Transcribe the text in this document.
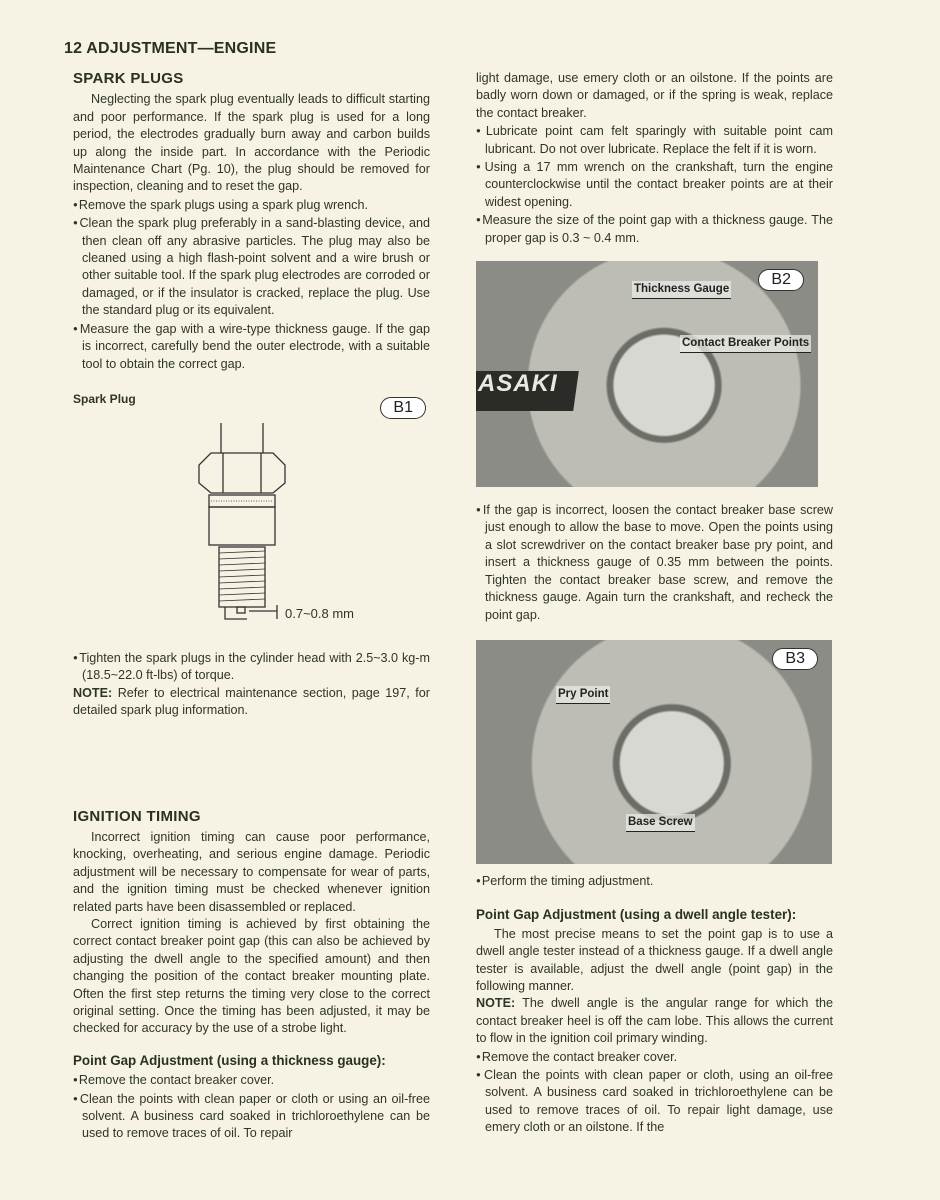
12 ADJUSTMENT—ENGINE
SPARK PLUGS

Neglecting the spark plug eventually leads to difficult starting and poor performance. If the spark plug is used for a long period, the electrodes gradually burn away and carbon builds up along the inside part. In accordance with the Periodic Maintenance Chart (Pg. 10), the plug should be removed for inspection, cleaning and to reset the gap.

● Remove the spark plugs using a spark plug wrench.

● Clean the spark plug preferably in a sand-blasting device, and then clean off any abrasive particles. The plug may also be cleaned using a high flash-point solvent and a wire brush or other suitable tool. If the spark plug electrodes are corroded or damaged, or if the insulator is cracked, replace the plug. Use the standard plug or its equivalent.

● Measure the gap with a wire-type thickness gauge. If the gap is incorrect, carefully bend the outer electrode, with a suitable tool to obtain the correct gap.

Spark Plug	B1
0.7~0.8 mm

● Tighten the spark plugs in the cylinder head with 2.5~3.0 kg-m (18.5~22.0 ft-lbs) of torque.

NOTE: Refer to electrical maintenance section, page 197, for detailed spark plug information.

IGNITION TIMING

Incorrect ignition timing can cause poor performance, knocking, overheating, and serious engine damage. Periodic adjustment will be necessary to compensate for wear of parts, and the ignition timing must be checked whenever ignition related parts have been disassembled or replaced.

Correct ignition timing is achieved by first obtaining the correct contact breaker point gap (this can also be achieved by adjusting the dwell angle to the specified amount) and then changing the position of the contact breaker mounting plate. Often the first step returns the timing very close to the correct original setting. Once the timing has been adjusted, it may be checked for accuracy by the use of a strobe light.

Point Gap Adjustment (using a thickness gauge):

● Remove the contact breaker cover.

● Clean the points with clean paper or cloth or using an oil-free solvent. A business card soaked in trichloroethylene can be used to remove traces of oil. To repair

light damage, use emery cloth or an oilstone. If the points are badly worn down or damaged, or if the spring is weak, replace the contact breaker.

● Lubricate point cam felt sparingly with suitable point cam lubricant. Do not over lubricate. Replace the felt if it is worn.

● Using a 17 mm wrench on the crankshaft, turn the engine counterclockwise until the contact breaker points are at their widest opening.

● Measure the size of the point gap with a thickness gauge. The proper gap is 0.3 ~ 0.4 mm.

ASAKI
B2
Thickness Gauge
Contact Breaker Points

● If the gap is incorrect, loosen the contact breaker base screw just enough to allow the base to move. Open the points using a slot screwdriver on the contact breaker base pry point, and insert a thickness gauge of 0.35 mm between the points. Tighten the contact breaker base screw, and remove the thickness gauge. Again turn the crankshaft, and recheck the point gap.

B3
Pry Point
Base Screw

● Perform the timing adjustment.

Point Gap Adjustment (using a dwell angle tester):

The most precise means to set the point gap is to use a dwell angle tester instead of a thickness gauge. If a dwell angle tester is available, adjust the dwell angle (point gap) in the following manner.

NOTE: The dwell angle is the angular range for which the contact breaker heel is off the cam lobe. This allows the current to flow in the ignition coil primary winding.

● Remove the contact breaker cover.

● Clean the points with clean paper or cloth, using an oil-free solvent. A business card soaked in trichloroethylene can be used to remove traces of oil. To repair light damage, use emery cloth or an oilstone. If the
